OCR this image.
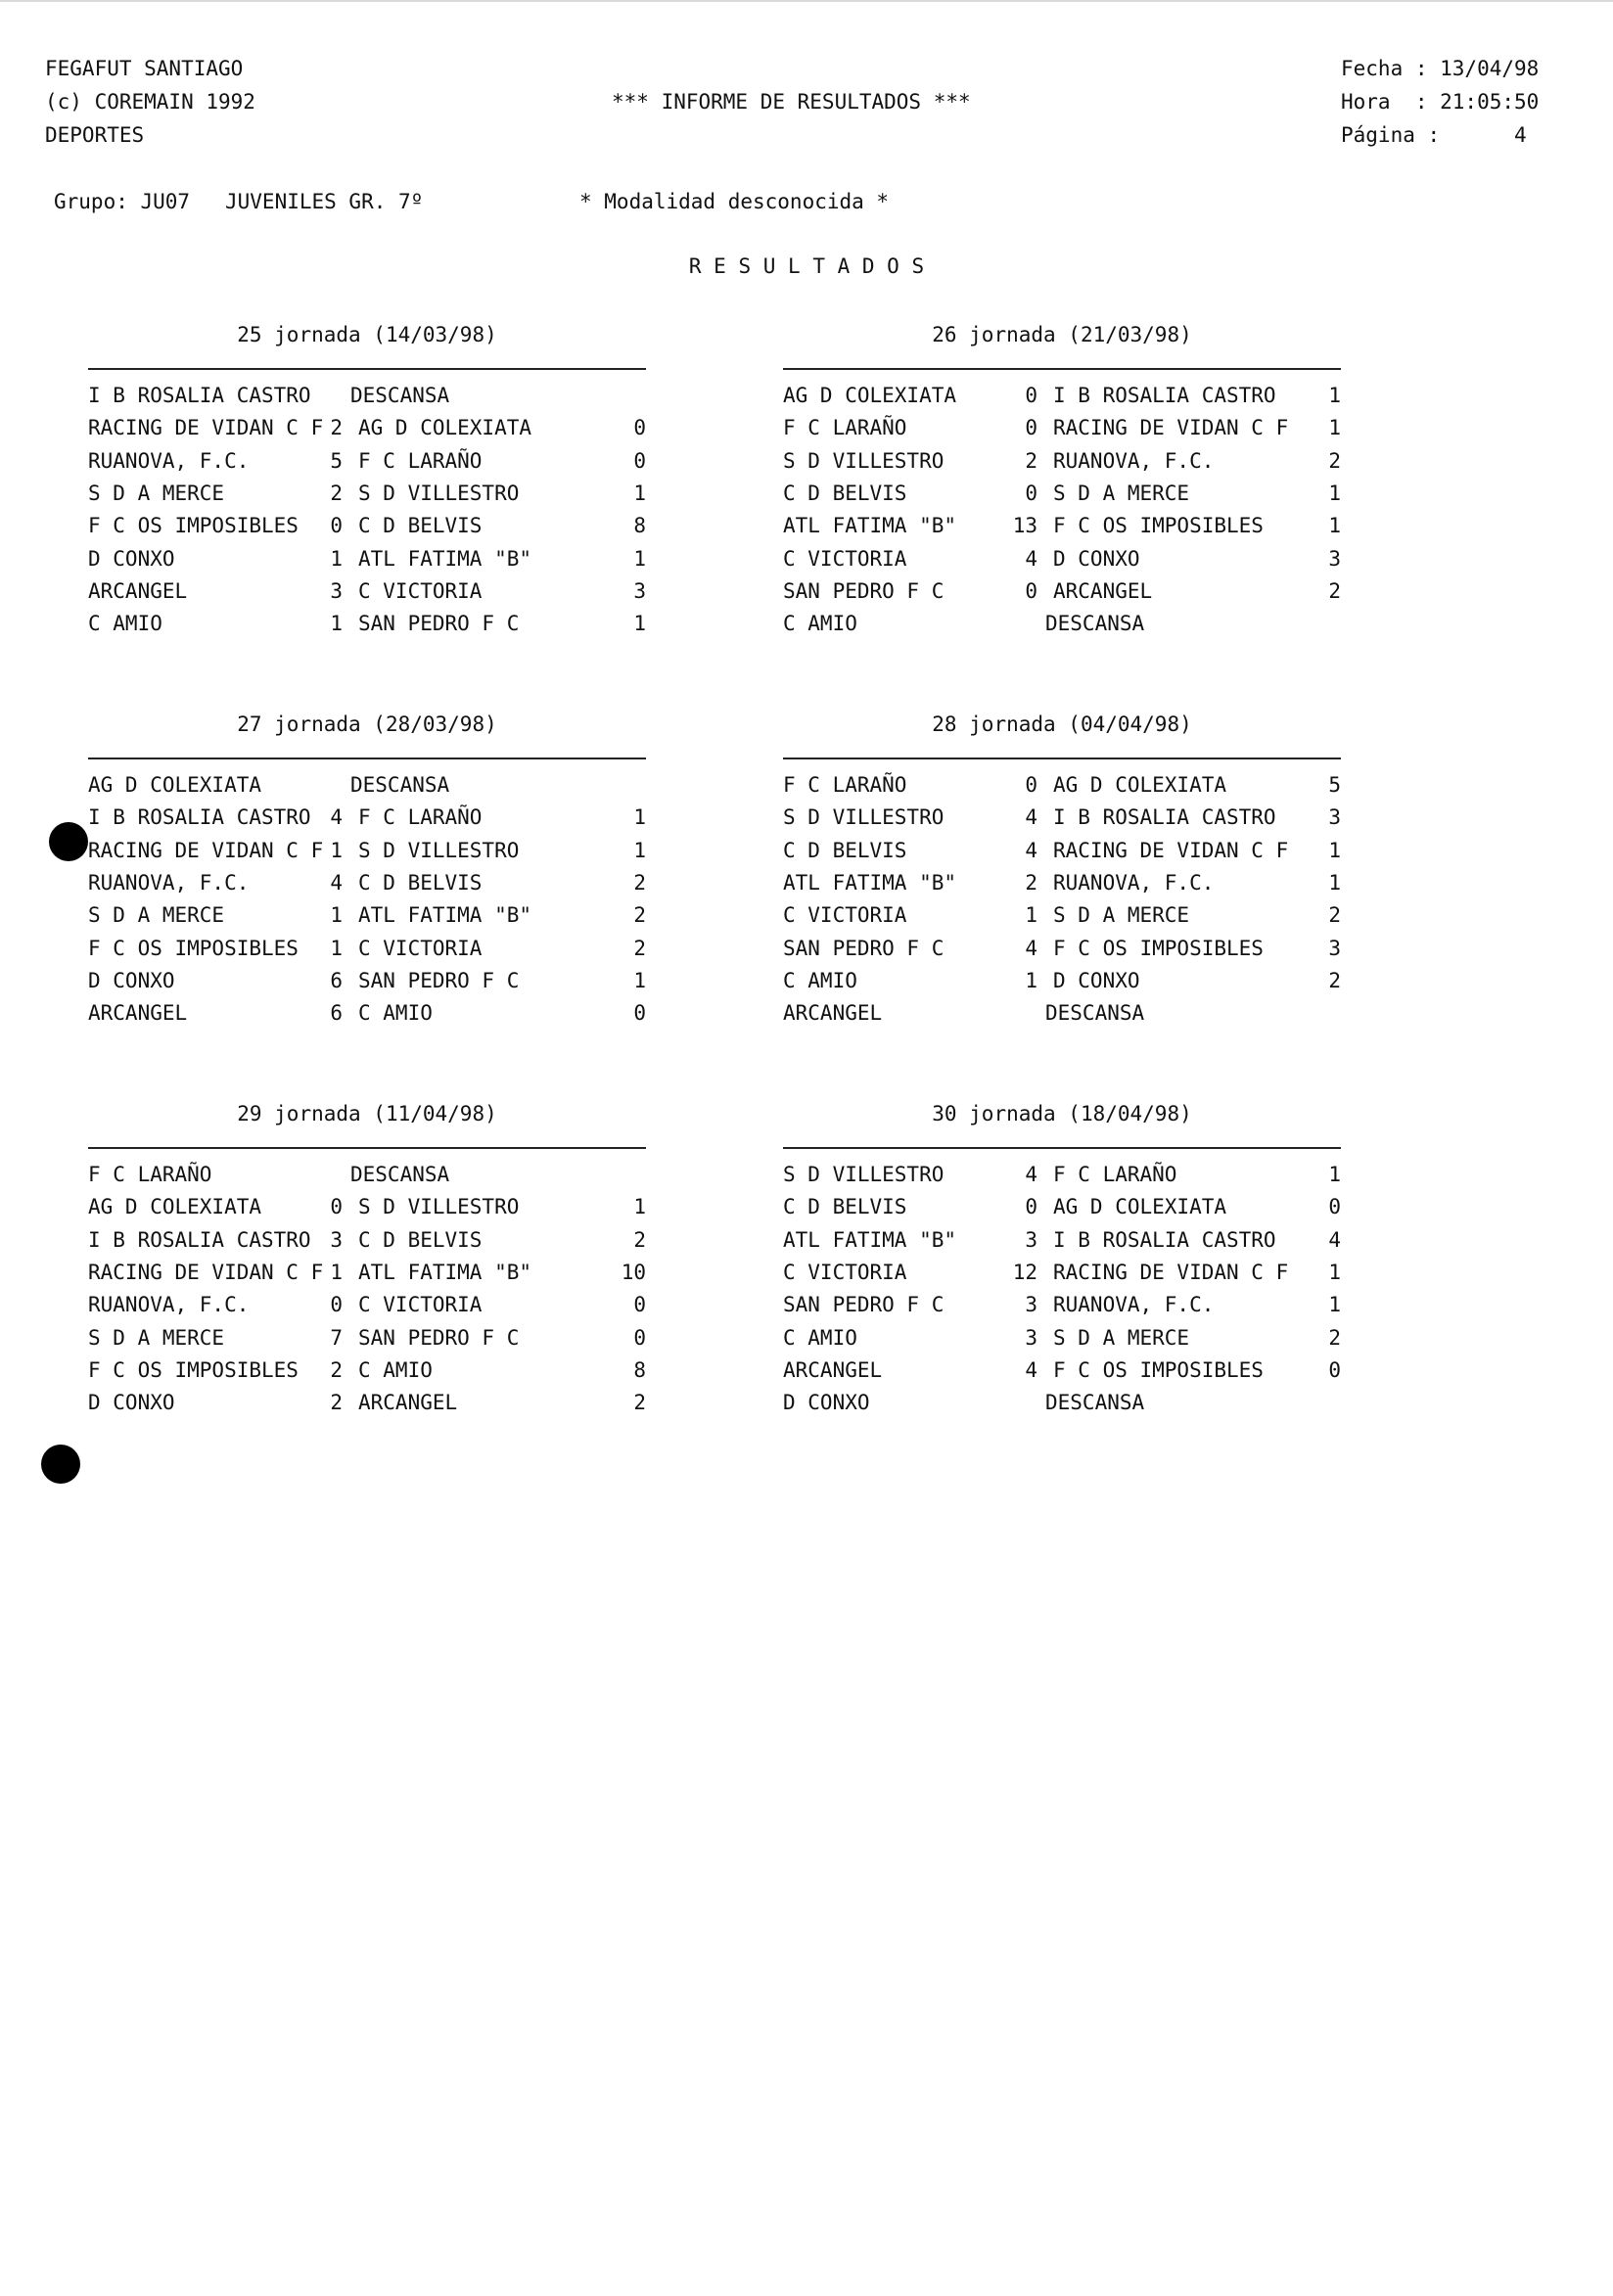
FEGAFUT SANTIAGO
(c) COREMAIN 1992
DEPORTES
*** INFORME DE RESULTADOS ***
Fecha : 13/04/98
Hora  : 21:05:50
Página :      4
Grupo: JU07 JUVENILES GR. 7º	* Modalidad desconocida *
R E S U L T A D O S
25 jornada (14/03/98)
I B ROSALIA CASTRO DESCANSA
RACING DE VIDAN C F 2 AG D COLEXIATA	0
RUANOVA, F.C.	5 F C LARAÑO	0
S D A MERCE	2 S D VILLESTRO	1
F C OS IMPOSIBLES	0 C D BELVIS	8
D CONXO	1 ATL FATIMA "B"	1
ARCANGEL	3 C VICTORIA	3
C AMIO	1 SAN PEDRO F C	1
26 jornada (21/03/98)
AG D COLEXIATA	0 I B ROSALIA CASTRO	1
F C LARAÑO	0 RACING DE VIDAN C F	1
S D VILLESTRO	2 RUANOVA, F.C.	2
C D BELVIS	0 S D A MERCE	1
ATL FATIMA "B"	13 F C OS IMPOSIBLES	1
C VICTORIA	4 D CONXO	3
SAN PEDRO F C	0 ARCANGEL	2
C AMIO	DESCANSA
27 jornada (28/03/98)
AG D COLEXIATA	DESCANSA
I B ROSALIA CASTRO 4 F C LARAÑO	1
RACING DE VIDAN C F 1 S D VILLESTRO	1
RUANOVA, F.C.	4 C D BELVIS	2
S D A MERCE	1 ATL FATIMA "B"	2
F C OS IMPOSIBLES	1 C VICTORIA	2
D CONXO	6 SAN PEDRO F C	1
ARCANGEL	6 C AMIO	0
28 jornada (04/04/98)
F C LARAÑO	0 AG D COLEXIATA	5
S D VILLESTRO	4 I B ROSALIA CASTRO	3
C D BELVIS	4 RACING DE VIDAN C F	1
ATL FATIMA "B"	2 RUANOVA, F.C.	1
C VICTORIA	1 S D A MERCE	2
SAN PEDRO F C	4 F C OS IMPOSIBLES	3
C AMIO	1 D CONXO	2
ARCANGEL	DESCANSA
29 jornada (11/04/98)
F C LARAÑO	DESCANSA
AG D COLEXIATA	0 S D VILLESTRO	1
I B ROSALIA CASTRO 3 C D BELVIS	2
RACING DE VIDAN C F 1 ATL FATIMA "B"	10
RUANOVA, F.C.	0 C VICTORIA	0
S D A MERCE	7 SAN PEDRO F C	0
F C OS IMPOSIBLES	2 C AMIO	8
D CONXO	2 ARCANGEL	2
30 jornada (18/04/98)
S D VILLESTRO	4 F C LARAÑO	1
C D BELVIS	0 AG D COLEXIATA	0
ATL FATIMA "B"	3 I B ROSALIA CASTRO	4
C VICTORIA	12 RACING DE VIDAN C F	1
SAN PEDRO F C	3 RUANOVA, F.C.	1
C AMIO	3 S D A MERCE	2
ARCANGEL	4 F C OS IMPOSIBLES	0
D CONXO	DESCANSA
